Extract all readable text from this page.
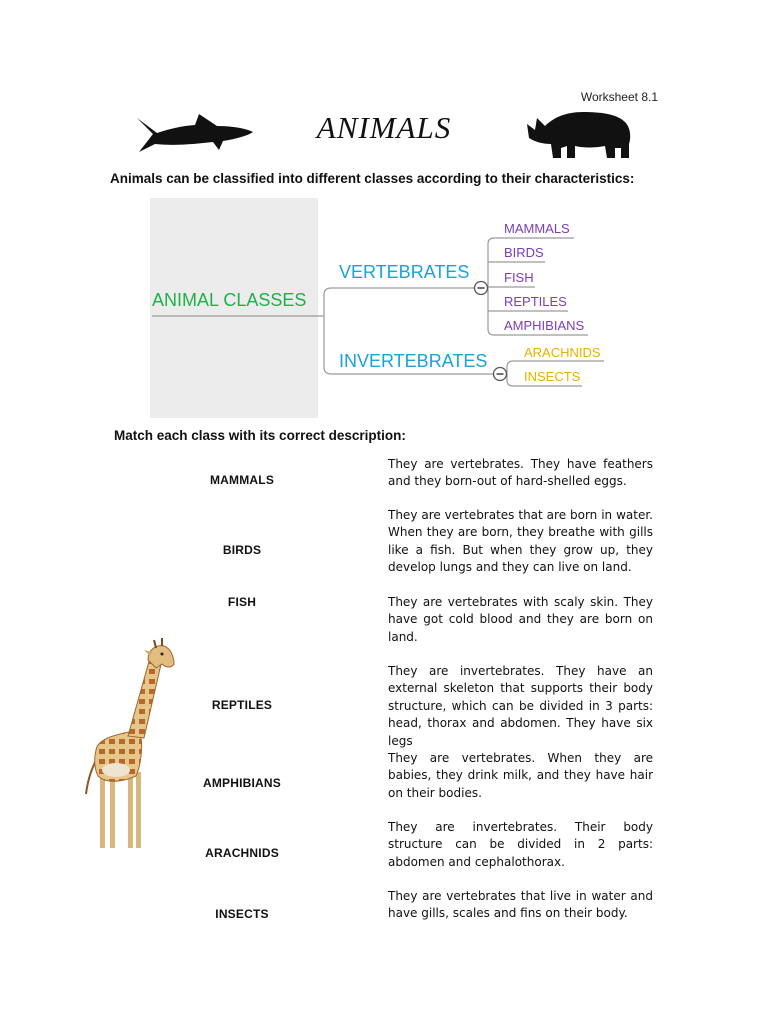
Worksheet 8.1
ANIMALS
Animals can be classified into different classes according to their characteristics:
ANIMAL CLASSES
VERTEBRATES
INVERTEBRATES
MAMMALS
BIRDS
FISH
REPTILES
AMPHIBIANS
ARACHNIDS
INSECTS
Match each class with its correct description:
MAMMALS
BIRDS
FISH
REPTILES
AMPHIBIANS
ARACHNIDS
INSECTS
They are vertebrates. They have feathers and they born-out of hard-shelled eggs.
They are vertebrates that are born in water. When they are born, they breathe with gills like a fish. But when they grow up, they develop lungs and they can live on land.
They are vertebrates with scaly skin. They have got cold blood and they are born on land.
They are invertebrates. They have an external skeleton that supports their body structure, which can be divided in 3 parts: head, thorax and abdomen. They have six legs
They are vertebrates. When they are babies, they drink milk, and they have hair on their bodies.
They are invertebrates. Their body structure can be divided in 2 parts: abdomen and cephalothorax.
They are vertebrates that live in water and have gills, scales and fins on their body.
